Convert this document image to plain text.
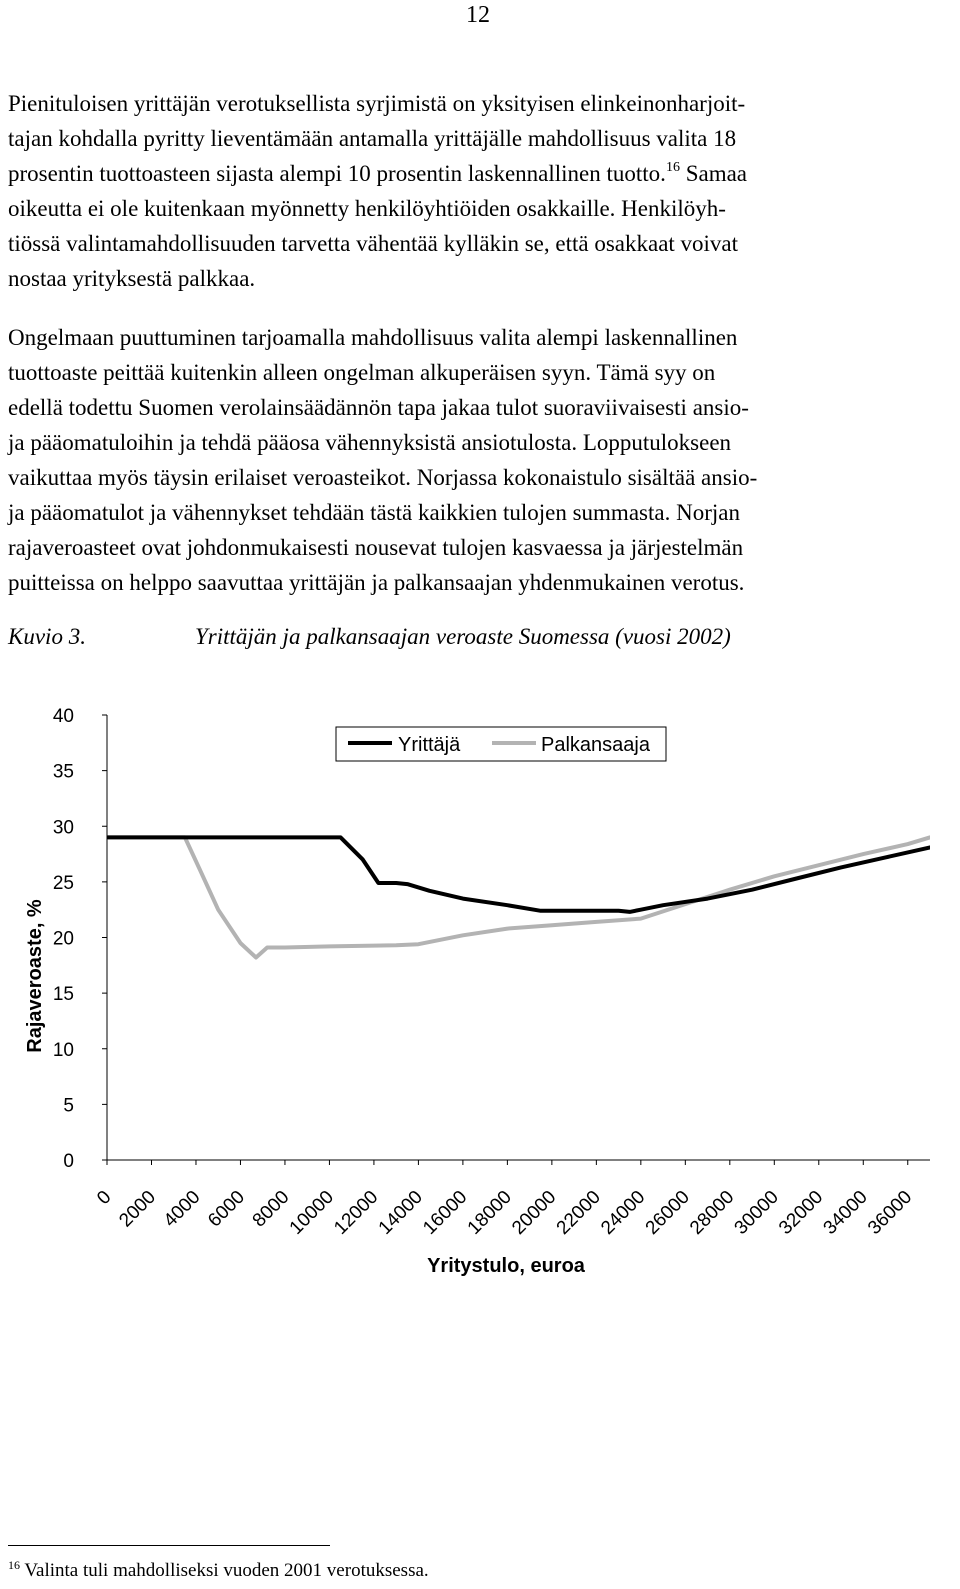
12

Pienituloisen yrittäjän verotuksellista syrjimistä on yksityisen elinkeinonharjoit-
tajan kohdalla pyritty lieventämään antamalla yrittäjälle mahdollisuus valita 18
prosentin tuottoasteen sijasta alempi 10 prosentin laskennallinen tuotto.$^{16}$ Samaa
oikeutta ei ole kuitenkaan myönnetty henkilöyhtiöiden osakkaille. Henkilöyh-
tiössä valintamahdollisuuden tarvetta vähentää kylläkin se, että osakkaat voivat
nostaa yrityksestä palkkaa.

Ongelmaan puuttuminen tarjoamalla mahdollisuus valita alempi laskennallinen
tuottoaste peittää kuitenkin alleen ongelman alkuperäisen syyn. Tämä syy on
edellä todettu Suomen verolainsäädännön tapa jakaa tulot suoraviivaisesti ansio-
ja pääomatuloihin ja tehdä pääosa vähennyksistä ansiotulosta. Lopputulokseen
vaikuttaa myös täysin erilaiset veroasteikot. Norjassa kokonaistulo sisältää ansio-
ja pääomatulot ja vähennykset tehdään tästä kaikkien tulojen summasta. Norjan
rajaveroasteet ovat johdonmukaisesti nousevat tulojen kasvaessa ja järjestelmän
puitteissa on helppo saavuttaa yrittäjän ja palkansaajan yhdenmukainen verotus.

Kuvio 3.	Yrittäjän ja palkansaajan veroaste Suomessa (vuosi 2002)
0
5
10
15
20
25
30
35
40
0 2000 4000 6000 8000
10000
12000
14000
16000
18000
20000
22000
24000
26000
28000
30000
32000
34000
36000
Yrittäjä	Palkansaaja
Rajaveroaste, %
Yritystulo, euroa
$^{16}$ Valinta tuli mahdolliseksi vuoden 2001 verotuksessa.
